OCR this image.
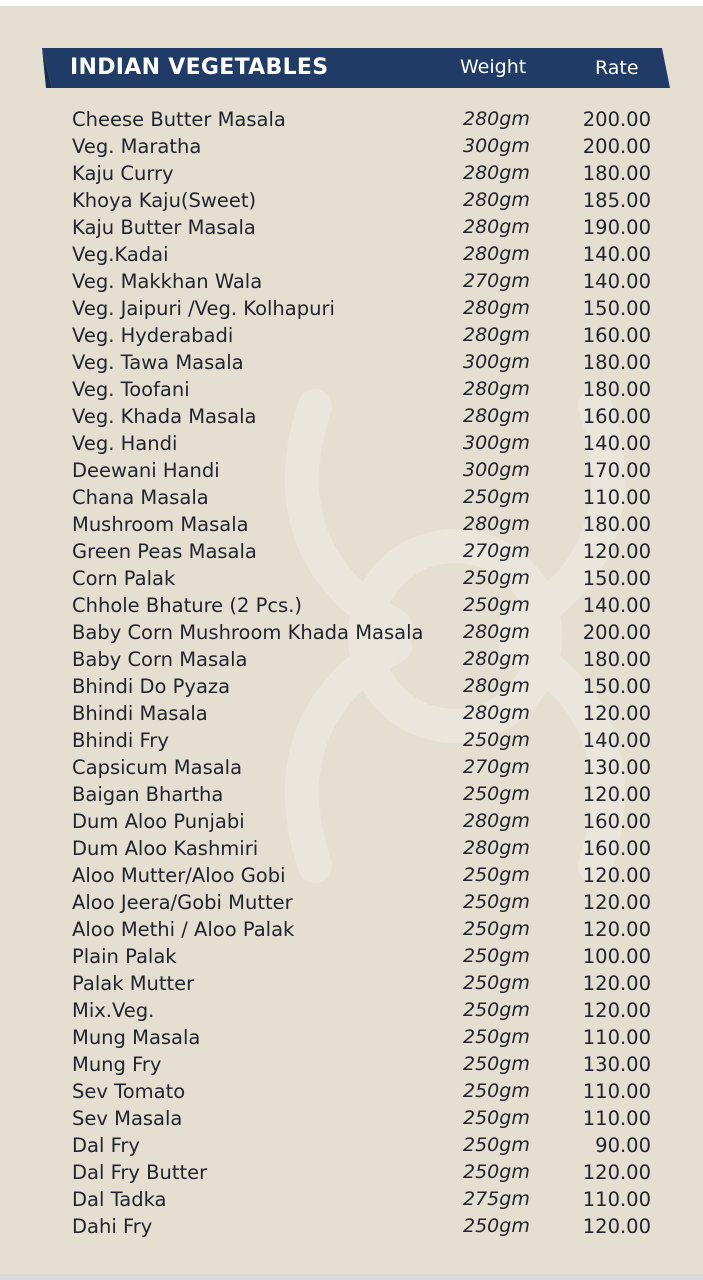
INDIAN VEGETABLES	Weight	Rate
Cheese Butter Masala	280gm	200.00
Veg. Maratha	300gm	200.00
Kaju Curry	280gm	180.00
Khoya Kaju(Sweet)	280gm	185.00
Kaju Butter Masala	280gm	190.00
Veg.Kadai	280gm	140.00
Veg. Makkhan Wala	270gm	140.00
Veg. Jaipuri /Veg. Kolhapuri	280gm	150.00
Veg. Hyderabadi	280gm	160.00
Veg. Tawa Masala	300gm	180.00
Veg. Toofani	280gm	180.00
Veg. Khada Masala	280gm	160.00
Veg. Handi	300gm	140.00
Deewani Handi	300gm	170.00
Chana Masala	250gm	110.00
Mushroom Masala	280gm	180.00
Green Peas Masala	270gm	120.00
Corn Palak	250gm	150.00
Chhole Bhature (2 Pcs.)	250gm	140.00
Baby Corn Mushroom Khada Masala 280gm	200.00
Baby Corn Masala	280gm	180.00
Bhindi Do Pyaza	280gm	150.00
Bhindi Masala	280gm	120.00
Bhindi Fry	250gm	140.00
Capsicum Masala	270gm	130.00
Baigan Bhartha	250gm	120.00
Dum Aloo Punjabi	280gm	160.00
Dum Aloo Kashmiri	280gm	160.00
Aloo Mutter/Aloo Gobi	250gm	120.00
Aloo Jeera/Gobi Mutter	250gm	120.00
Aloo Methi / Aloo Palak	250gm	120.00
Plain Palak	250gm	100.00
Palak Mutter	250gm	120.00
Mix.Veg.	250gm	120.00
Mung Masala	250gm	110.00
Mung Fry	250gm	130.00
Sev Tomato	250gm	110.00
Sev Masala	250gm	110.00
Dal Fry	250gm	90.00
Dal Fry Butter	250gm	120.00
Dal Tadka	275gm	110.00
Dahi Fry	250gm	120.00
